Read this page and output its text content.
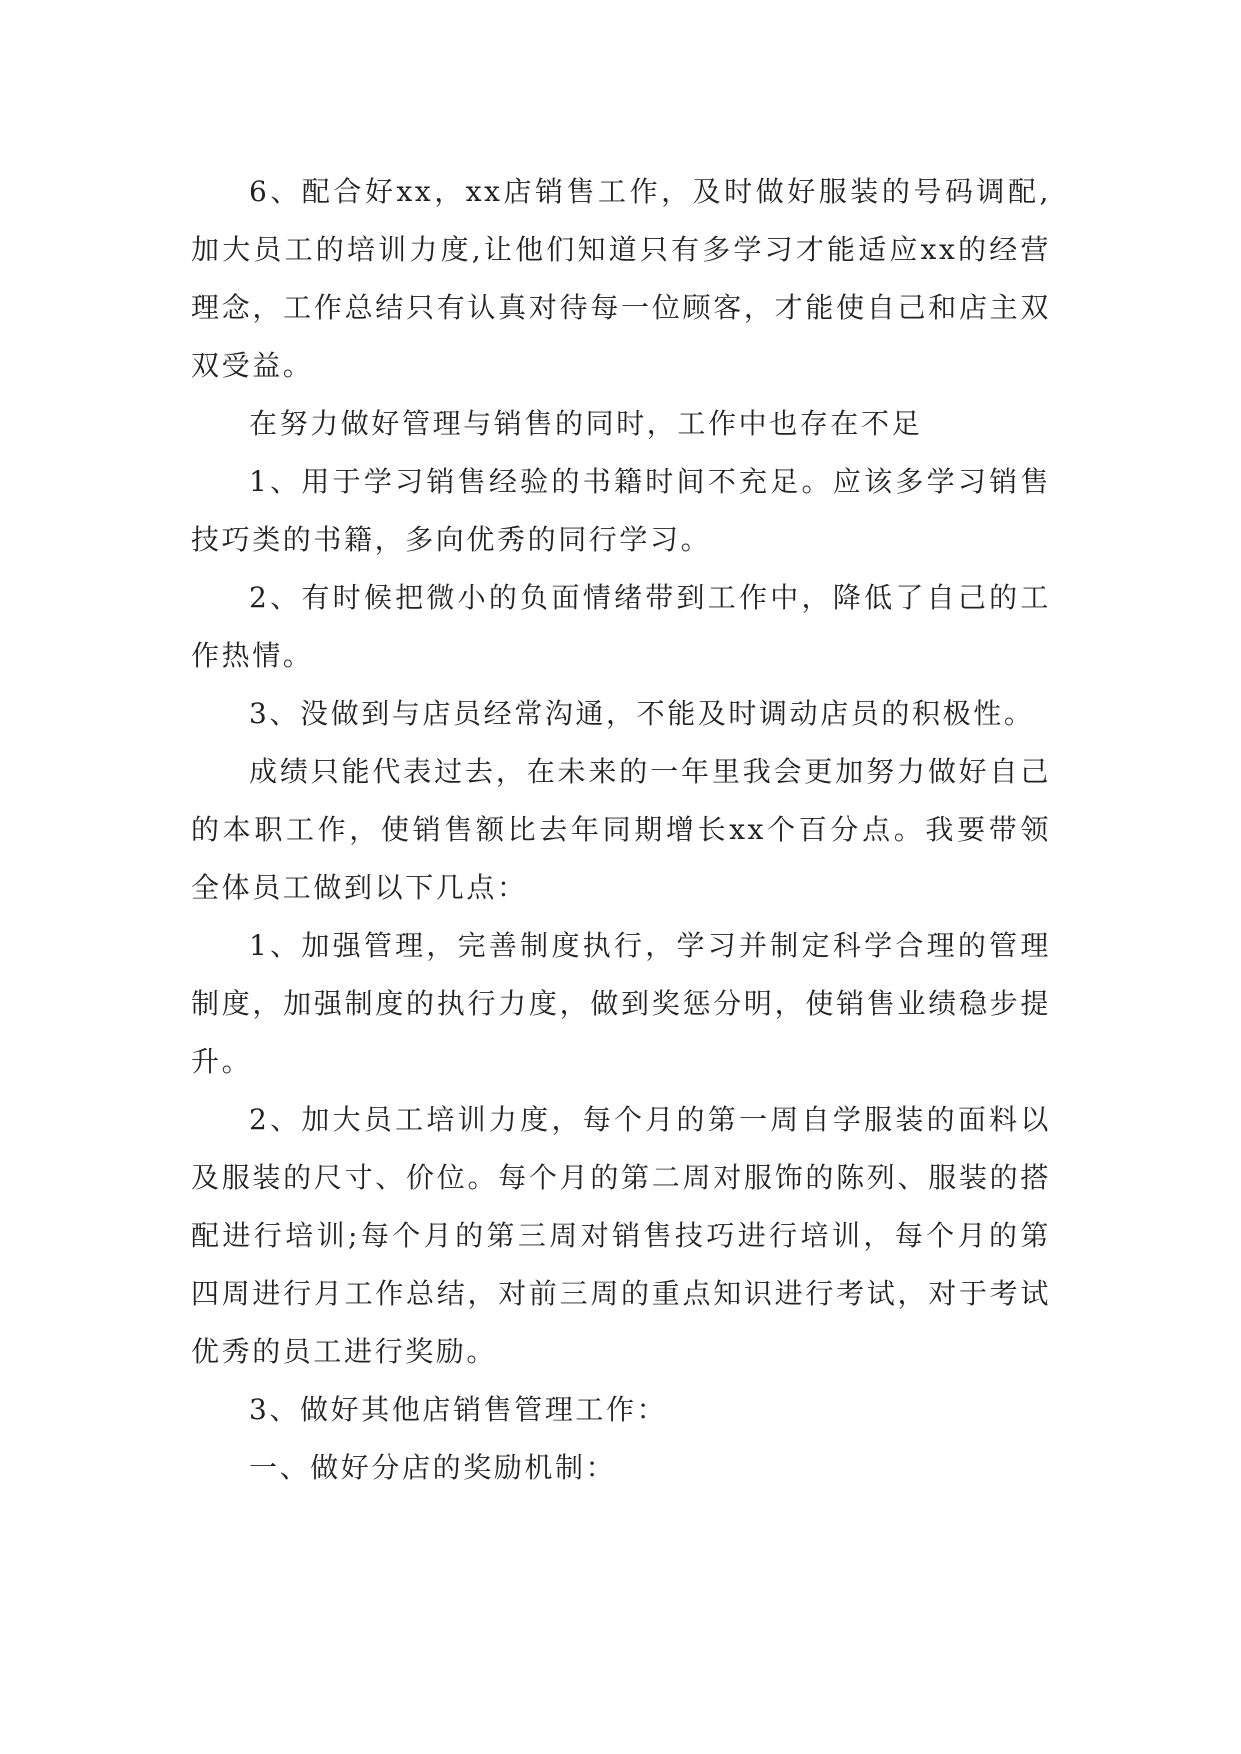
6、配合好xx，xx店销售工作，及时做好服装的号码调配,加大员工的培训力度,让他们知道只有多学习才能适应xx的经营理念，工作总结只有认真对待每一位顾客，才能使自己和店主双双受益。

在努力做好管理与销售的同时，工作中也存在不足

1、用于学习销售经验的书籍时间不充足。应该多学习销售技巧类的书籍，多向优秀的同行学习。

2、有时候把微小的负面情绪带到工作中，降低了自己的工作热情。

3、没做到与店员经常沟通，不能及时调动店员的积极性。

成绩只能代表过去，在未来的一年里我会更加努力做好自己的本职工作，使销售额比去年同期增长xx个百分点。我要带领全体员工做到以下几点：

1、加强管理，完善制度执行，学习并制定科学合理的管理制度，加强制度的执行力度，做到奖惩分明，使销售业绩稳步提升。

2、加大员工培训力度，每个月的第一周自学服装的面料以及服装的尺寸、价位。每个月的第二周对服饰的陈列、服装的搭配进行培训;每个月的第三周对销售技巧进行培训，每个月的第四周进行月工作总结，对前三周的重点知识进行考试，对于考试优秀的员工进行奖励。

3、做好其他店销售管理工作：

一、做好分店的奖励机制：
